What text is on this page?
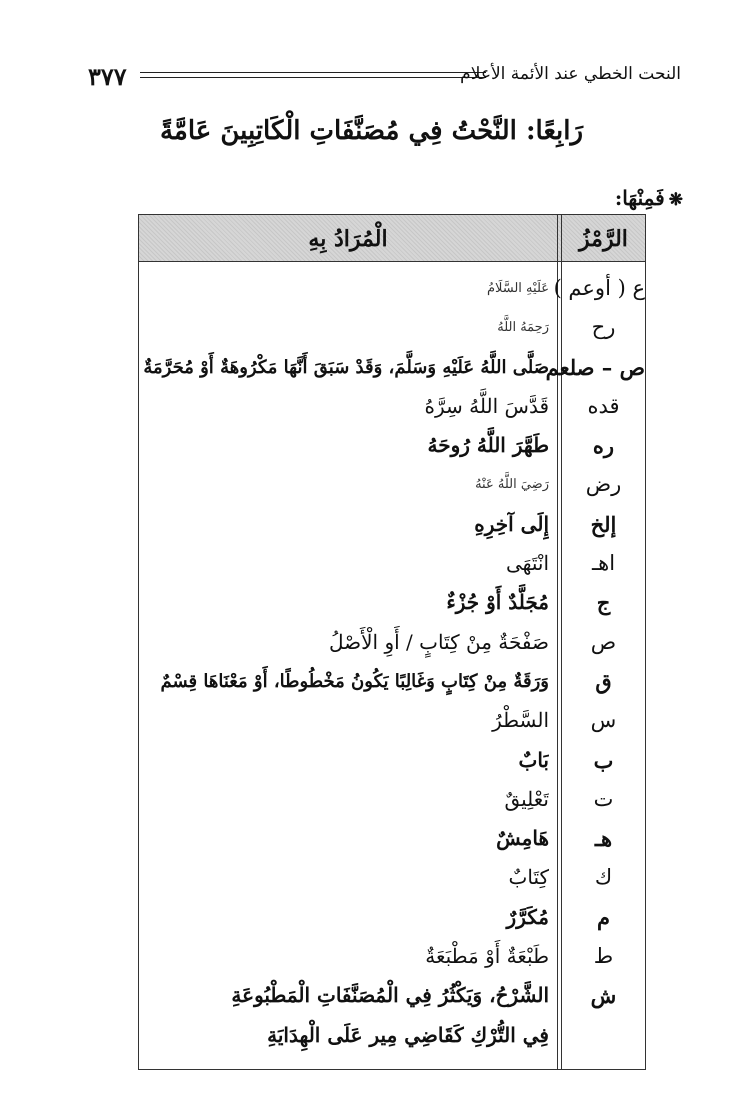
٣٧٧	النحت الخطي عند الأئمة الأعلام
رَابِعًا: النَّحْتُ فِي مُصَنَّفَاتِ الْكَاتِبِينَ عَامَّةً
❋فَمِنْهَا:
الرَّمْزُ
الْمُرَادُ بِهِ
ع ( أوعم )
عَلَيْهِ السَّلَامُ
رح
رَحِمَهُ اللَّهُ
ص – صلعم
صَلَّى اللَّهُ عَلَيْهِ وَسَلَّمَ، وَقَدْ سَبَقَ أَنَّهَا مَكْرُوهَةٌ أَوْ مُحَرَّمَةٌ
قده
قَدَّسَ اللَّهُ سِرَّهُ
ره
طَهَّرَ اللَّهُ رُوحَهُ
رض
رَضِيَ اللَّهُ عَنْهُ
إلخ
إِلَى آخِرِهِ
اهـ
انْتَهَى
ج
مُجَلَّدٌ أَوْ جُزْءٌ
ص
صَفْحَةٌ مِنْ كِتَابٍ / أَوِ الْأَصْلُ
ق
وَرَقَةٌ مِنْ كِتَابٍ وَغَالِبًا يَكُونُ مَخْطُوطًا، أَوْ مَعْنَاهَا قِسْمٌ
س
السَّطْرُ
ب
بَابٌ
ت
تَعْلِيقٌ
هـ
هَامِشٌ
ك
كِتَابٌ
م
مُكَرَّرٌ
ط
طَبْعَةٌ أَوْ مَطْبَعَةٌ
ش
الشَّرْحُ، وَيَكْثُرُ فِي الْمُصَنَّفَاتِ الْمَطْبُوعَةِ
فِي التُّرْكِ كَقَاضِي مِير عَلَى الْهِدَايَةِ
